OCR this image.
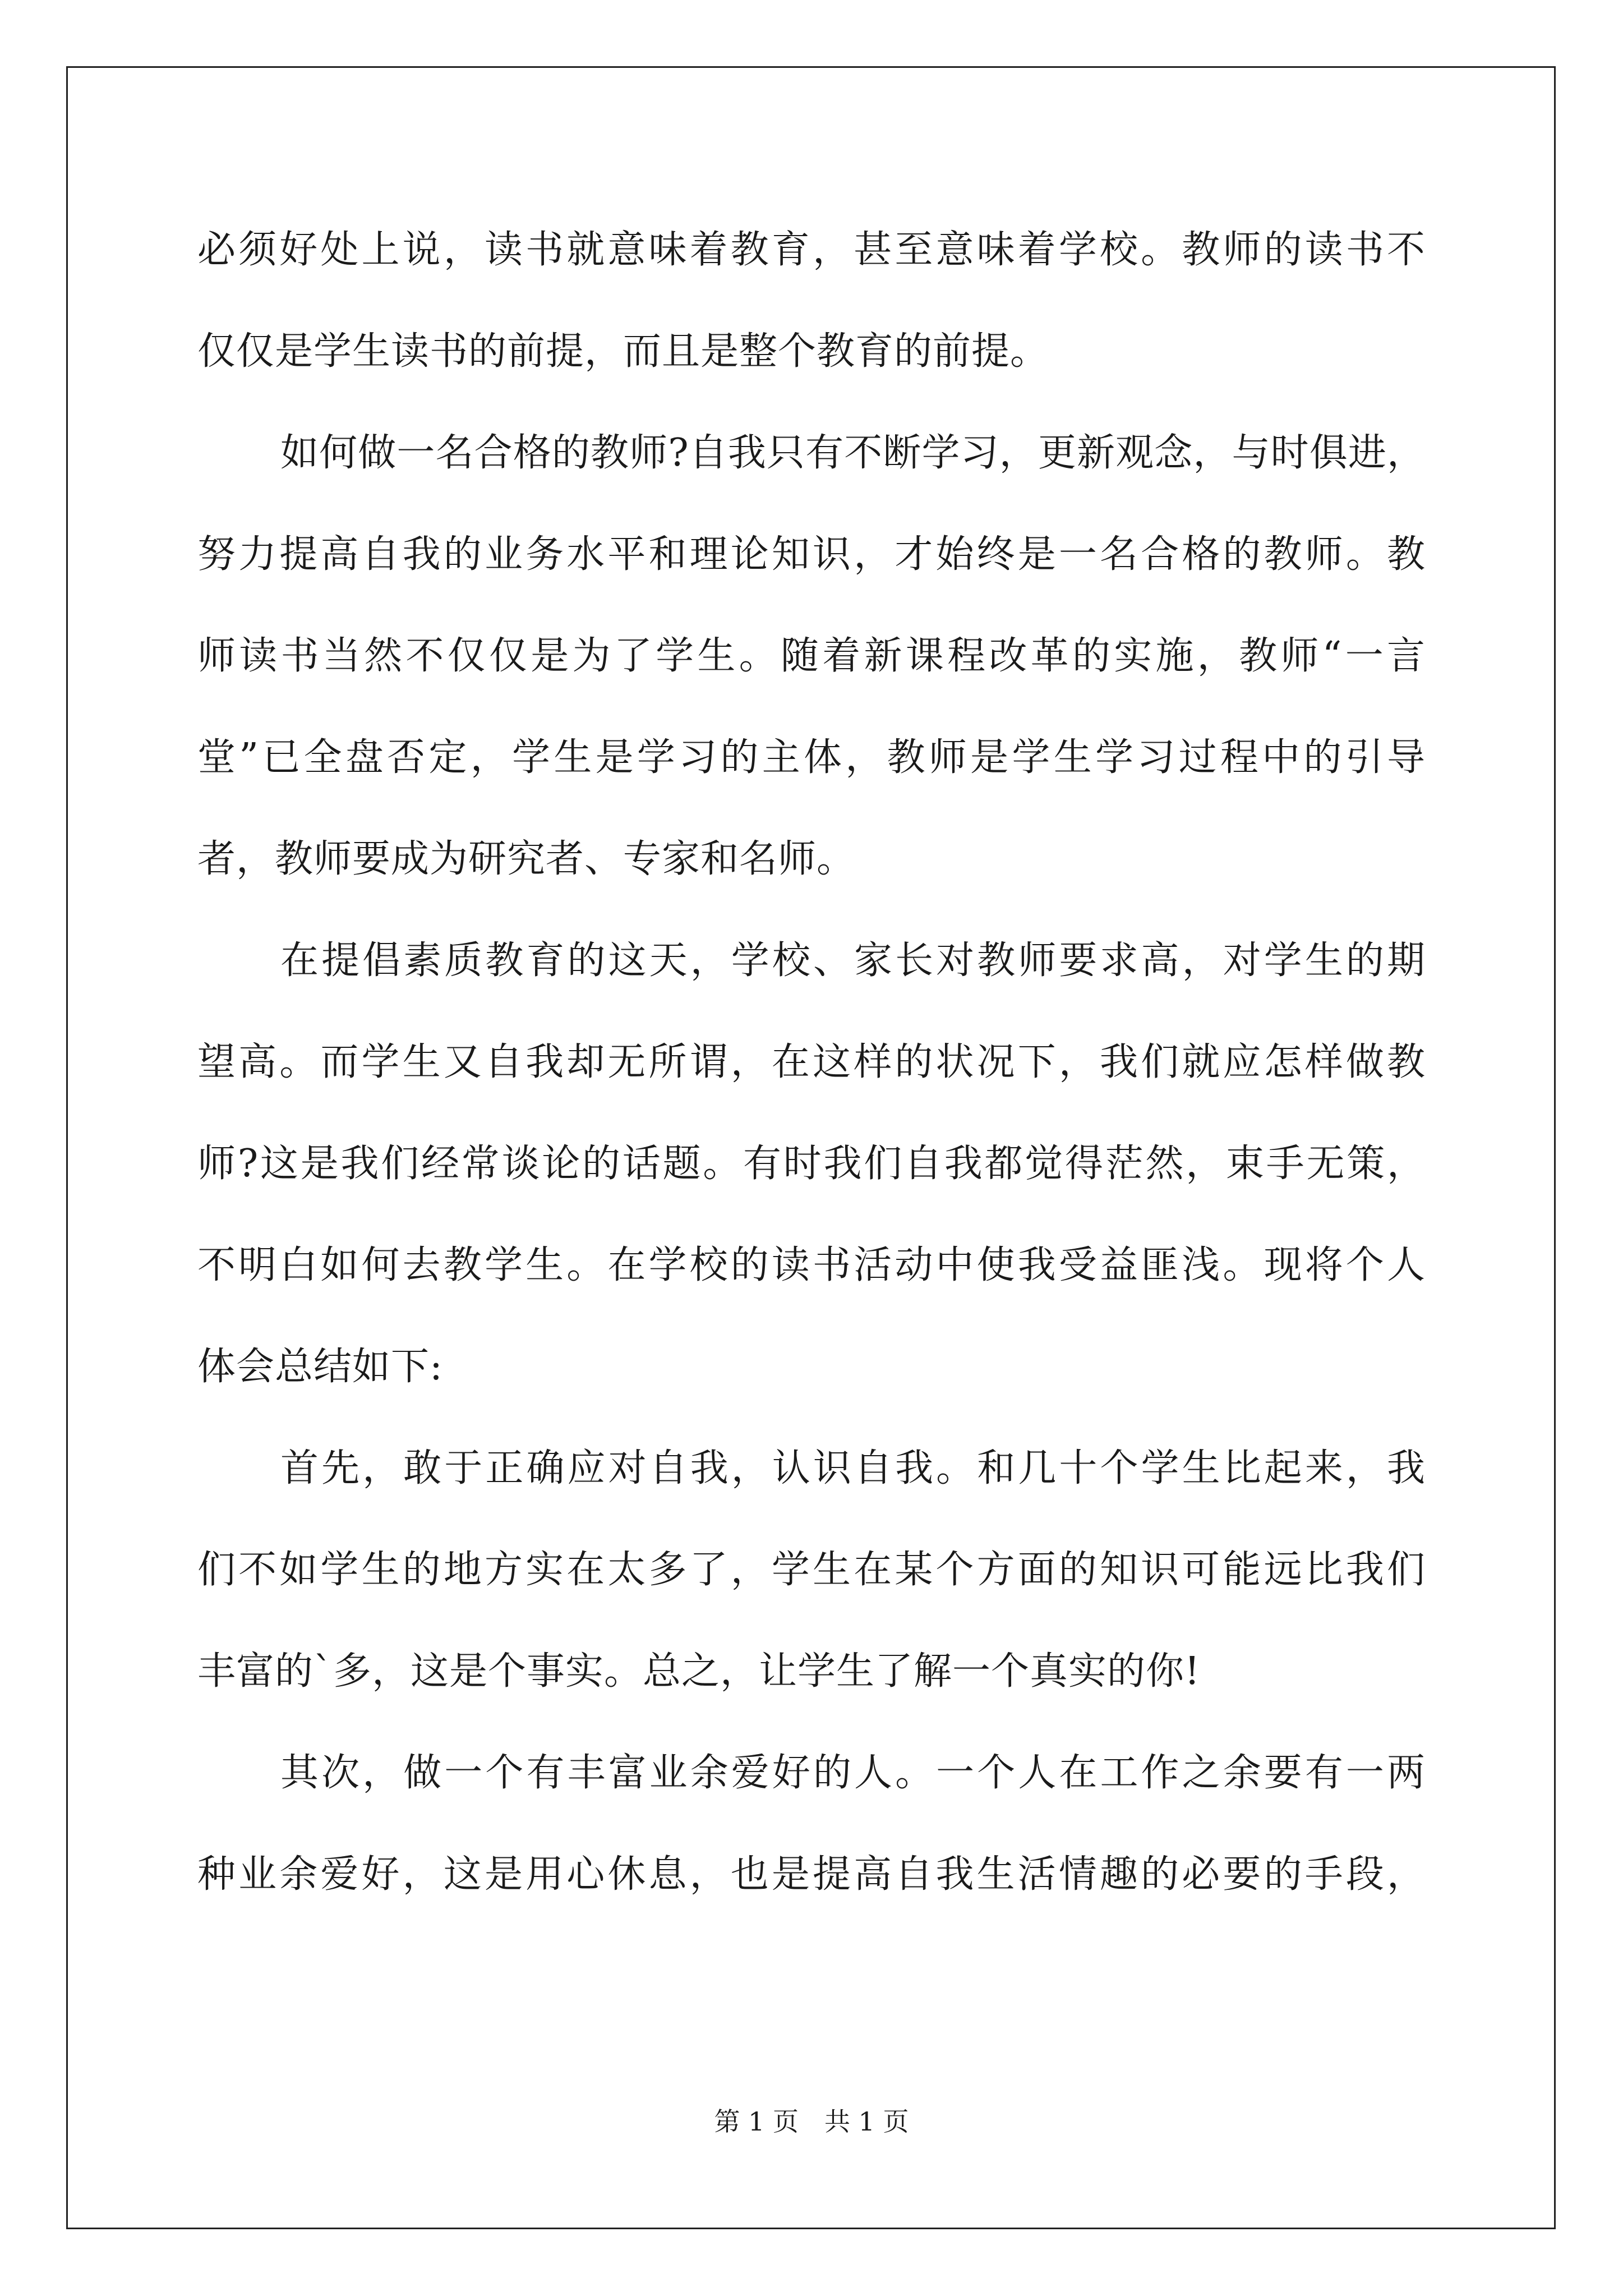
必须好处上说，读书就意味着教育，甚至意味着学校。教师的读书不
仅仅是学生读书的前提，而且是整个教育的前提。
如何做一名合格的教师?自我只有不断学习，更新观念，与时俱进，
努力提高自我的业务水平和理论知识，才始终是一名合格的教师。教
师读书当然不仅仅是为了学生。随着新课程改革的实施，教师“一言
堂”已全盘否定，学生是学习的主体，教师是学生学习过程中的引导
者，教师要成为研究者、专家和名师。
在提倡素质教育的这天，学校、家长对教师要求高，对学生的期
望高。而学生又自我却无所谓，在这样的状况下，我们就应怎样做教
师?这是我们经常谈论的话题。有时我们自我都觉得茫然，束手无策，
不明白如何去教学生。在学校的读书活动中使我受益匪浅。现将个人
体会总结如下:
首先，敢于正确应对自我，认识自我。和几十个学生比起来，我
们不如学生的地方实在太多了，学生在某个方面的知识可能远比我们
丰富的`多，这是个事实。总之，让学生了解一个真实的你!
其次，做一个有丰富业余爱好的人。一个人在工作之余要有一两
种业余爱好，这是用心休息，也是提高自我生活情趣的必要的手段，
第 1 页　共 1 页
